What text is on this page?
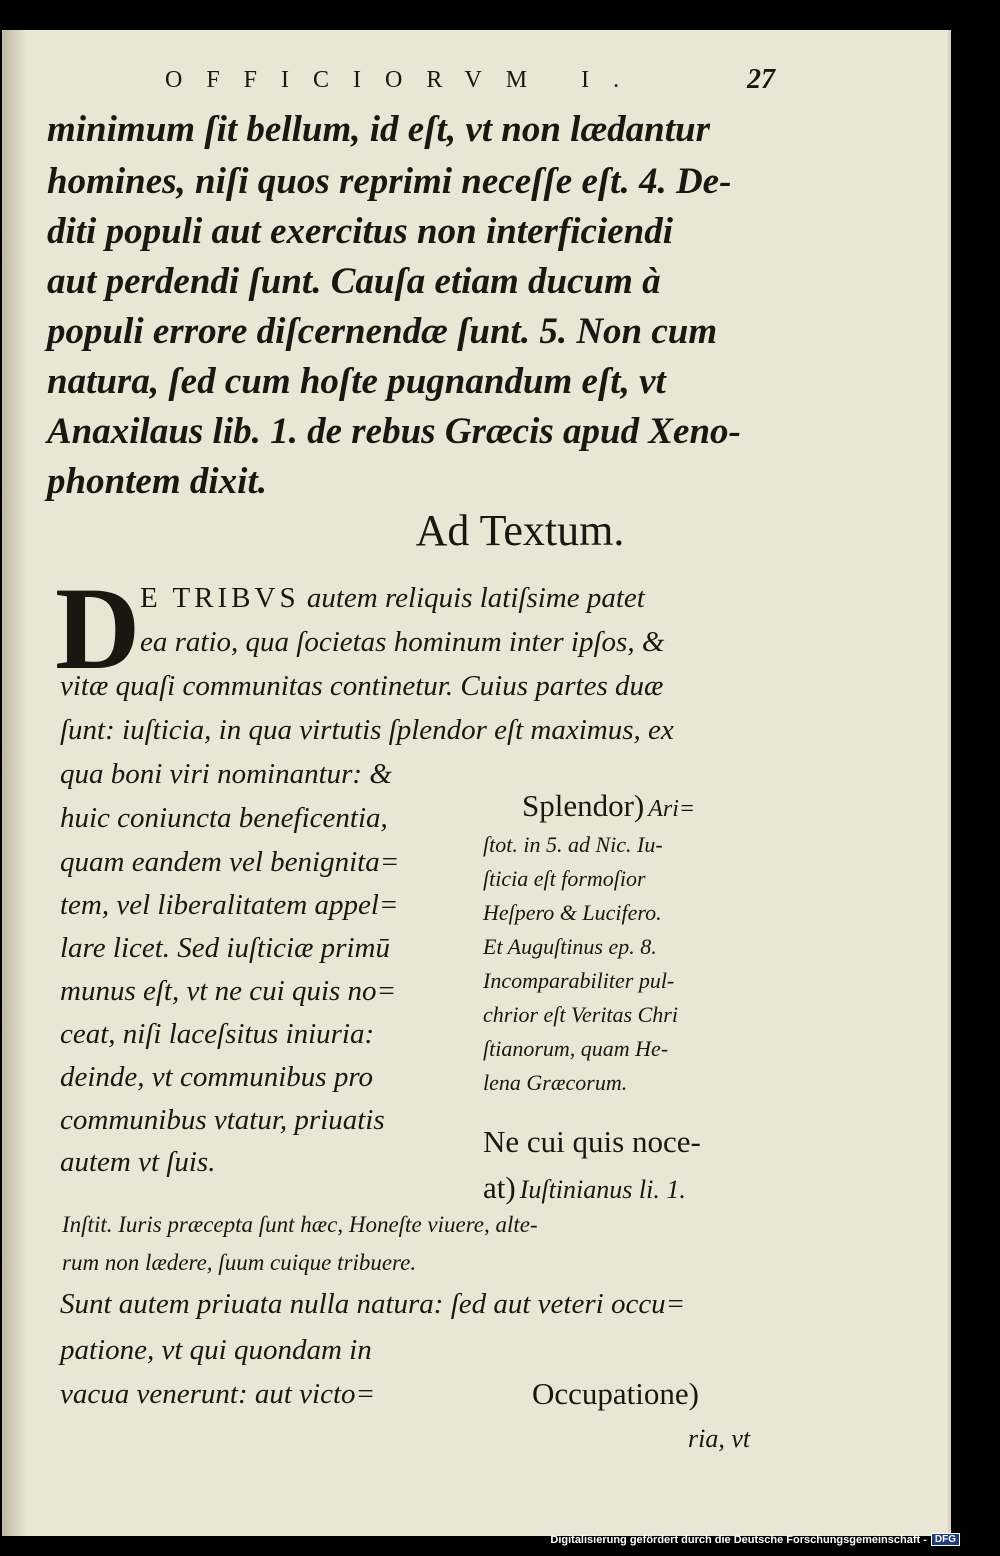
OFFICIORVM I.	27
minimum ſit bellum, id eſt, vt non lædantur
homines, niſi quos reprimi neceſſe eſt. 4. De-
diti populi aut exercitus non interficiendi
aut perdendi ſunt. Cauſa etiam ducum à
populi errore diſcernendæ ſunt. 5. Non cum
natura, ſed cum hoſte pugnandum eſt, vt
Anaxilaus lib. 1. de rebus Græcis apud Xeno-
phontem dixit.
Ad Textum.
D E TRIBVS autem reliquis latiſsime patet
ea ratio, qua ſocietas hominum inter ipſos, &
vitæ quaſi communitas continetur. Cuius partes duæ
ſunt: iuſticia, in qua virtutis ſplendor eſt maximus, ex
qua boni viri nominantur: &
huic coniuncta beneficentia,
quam eandem vel benignita=
tem, vel liberalitatem appel=
lare licet. Sed iuſticiæ primū
munus eſt, vt ne cui quis no=
ceat, niſi laceſsitus iniuria:
deinde, vt communibus pro
communibus vtatur, priuatis
autem vt ſuis.
Splendor) Ari=
ſtot. in 5. ad Nic. Iu-
ſticia eſt formoſior
Heſpero & Lucifero.
Et Auguſtinus ep. 8.
Incomparabiliter pul-
chrior eſt Veritas Chri
ſtianorum, quam He-
lena Græcorum.
Ne cui quis noce-
at) Iuſtinianus li. 1.
Inſtit. Iuris præcepta ſunt hæc, Honeſte viuere, alte-
rum non lædere, ſuum cuique tribuere.
Sunt autem priuata nulla natura: ſed aut veteri occu=
patione, vt qui quondam in
vacua venerunt: aut victo=	Occupatione)
ria, vt
Digitalisierung gefördert durch die Deutsche Forschungsgemeinschaft - DFG
